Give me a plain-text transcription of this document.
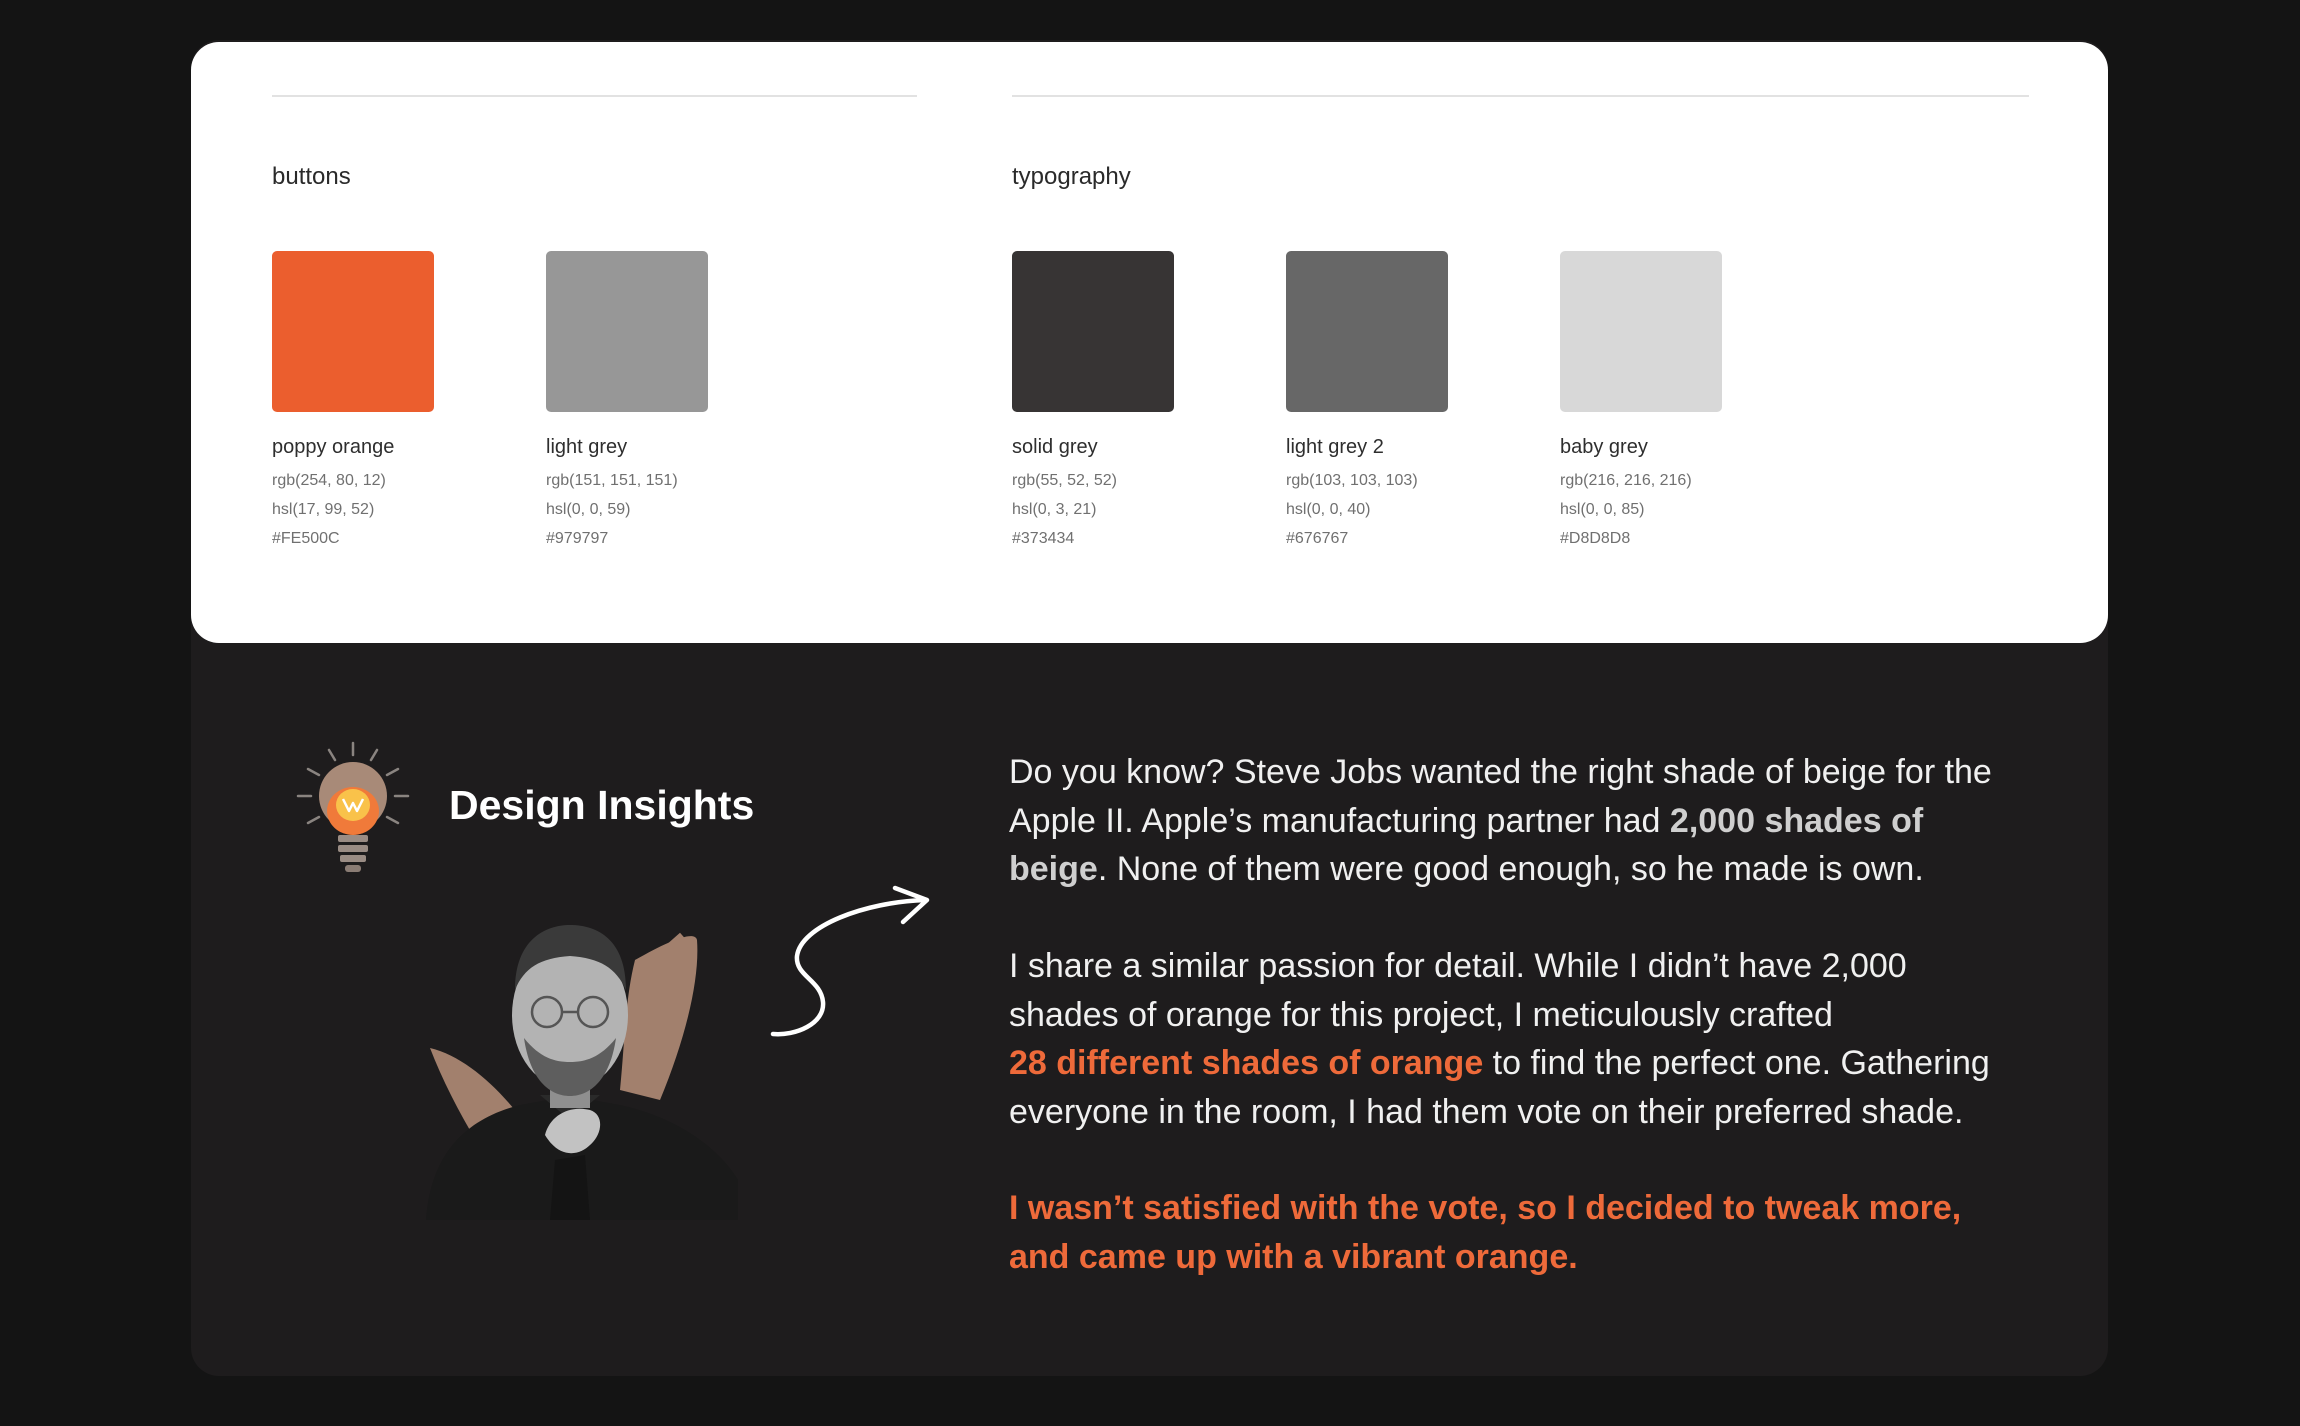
buttons	typography
poppy orange
rgb(254, 80, 12)
hsl(17, 99, 52)
#FE500C
light grey
rgb(151, 151, 151)
hsl(0, 0, 59)
#979797
solid grey
rgb(55, 52, 52)
hsl(0, 3, 21)
#373434
light grey 2
rgb(103, 103, 103)
hsl(0, 0, 40)
#676767
baby grey
rgb(216, 216, 216)
hsl(0, 0, 85)
#D8D8D8
Design Insights

Do you know? Steve Jobs wanted the right shade of beige for the Apple II. Apple’s manufacturing partner had 2,000 shades of beige. None of them were good enough, so he made is own.

I share a similar passion for detail. While I didn’t have 2,000 shades of orange for this project, I meticulously crafted
28 different shades of orange to find the perfect one. Gathering everyone in the room, I had them vote on their preferred shade.

I wasn’t satisfied with the vote, so I decided to tweak more, and came up with a vibrant orange.
